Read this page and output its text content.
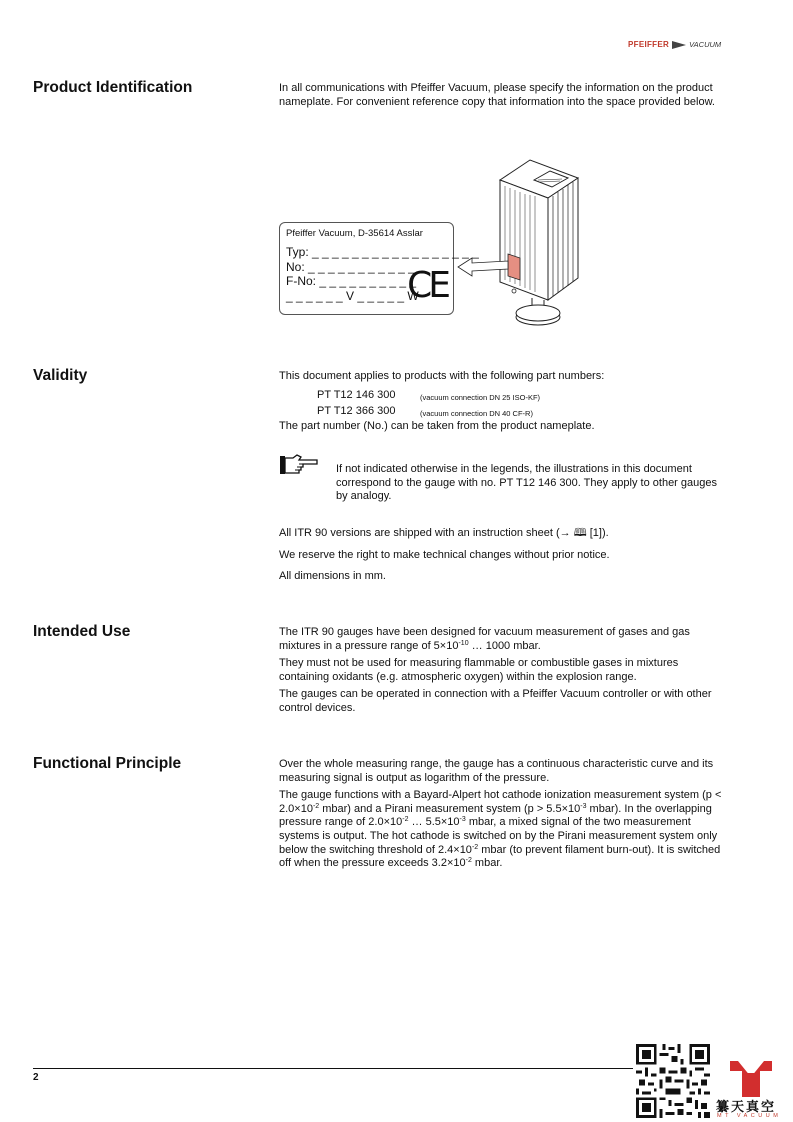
PFEIFFER	VACUUM
Product Identification	In all communications with Pfeiffer Vacuum, please specify the information on the product nameplate. For convenient reference copy that information into the space provided below.

Pfeiffer Vacuum, D-35614 Asslar
Typ: _ _ _ _ _ _ _ _ _ _ _ _ _ _ _ _ _
No: _ _ _ _ _ _ _ _ _ _ _ _
F-No: _ _ _ _ _ _ _ _ _ _
_ _ _ _ _ _ V _ _ _ _ _ W
CE
Validity	This document applies to products with the following part numbers:
PT T12 146 300	(vacuum connection DN 25 ISO-KF)
PT T12 366 300	(vacuum connection DN 40 CF-R)
The part number (No.) can be taken from the product nameplate.
If not indicated otherwise in the legends, the illustrations in this document correspond to the gauge with no. PT T12 146 300. They apply to other gauges by analogy.
All ITR 90 versions are shipped with an instruction sheet (→ 🕮 [1]).
We reserve the right to make technical changes without prior notice.
All dimensions in mm.
Intended Use	The ITR 90 gauges have been designed for vacuum measurement of gases and gas mixtures in a pressure range of $5\times 10^{-10}$ … 1000 mbar.

They must not be used for measuring flammable or combustible gases in mixtures containing oxidants (e.g. atmospheric oxygen) within the explosion range.

The gauges can be operated in connection with a Pfeiffer Vacuum controller or with other control devices.

Functional Principle	Over the whole measuring range, the gauge has a continuous characteristic curve and its measuring signal is output as logarithm of the pressure.

The gauge functions with a Bayard-Alpert hot cathode ionization measurement system ($p < 2.0\times 10^{-2}$ mbar) and a Pirani measurement system ($p > 5.5\times 10^{-3}$ mbar). In the overlapping pressure range of $2.0\times 10^{-2}$ … $5.5\times 10^{-3}$ mbar, a mixed signal of the two measurement systems is output. The hot cathode is switched on by the Pirani measurement system only below the switching threshold of $2.4\times 10^{-2}$ mbar (to prevent filament burn-out). It is switched off when the pressure exceeds $3.2\times 10^{-2}$ mbar.

2
纂天真空
MT VACUUM
